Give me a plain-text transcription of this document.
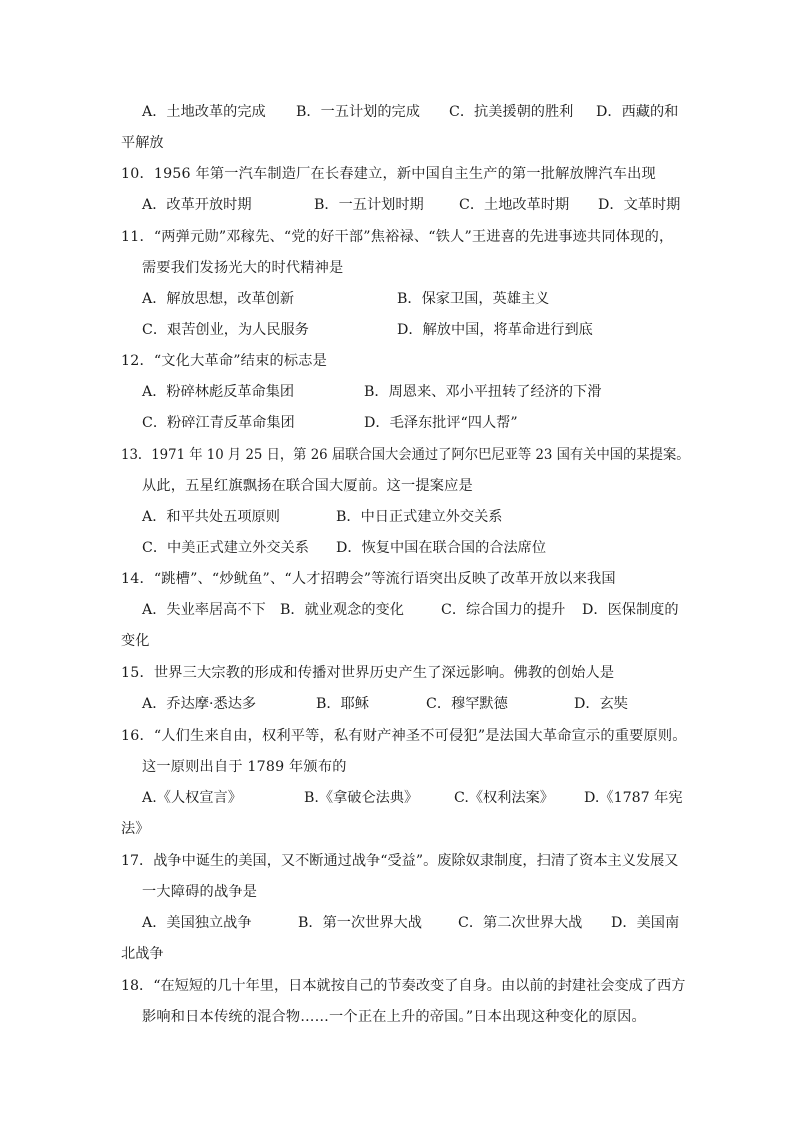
A．土地改革的完成 B．一五计划的完成 C．抗美援朝的胜利 D．西藏的和
平解放
10．1956 年第一汽车制造厂在长春建立，新中国自主生产的第一批解放牌汽车出现
A．改革开放时期	B．一五计划时期 C．土地改革时期 D．文革时期
11．“两弹元勋”邓稼先、“党的好干部”焦裕禄、“铁人”王进喜的先进事迹共同体现的，
需要我们发扬光大的时代精神是
A．解放思想，改革创新	B．保家卫国，英雄主义
C．艰苦创业，为人民服务	D．解放中国，将革命进行到底
12．“文化大革命”结束的标志是
A．粉碎林彪反革命集团	B．周恩来、邓小平扭转了经济的下滑
C．粉碎江青反革命集团	D．毛泽东批评“四人帮”
13．1971 年 10 月 25 日，第 26 届联合国大会通过了阿尔巴尼亚等 23 国有关中国的某提案。
从此，五星红旗飘扬在联合国大厦前。这一提案应是
A．和平共处五项原则	B．中日正式建立外交关系
C．中美正式建立外交关系 D．恢复中国在联合国的合法席位
14．“跳槽”、“炒鱿鱼”、“人才招聘会”等流行语突出反映了改革开放以来我国
A．失业率居高不下 B．就业观念的变化	C．综合国力的提升 D．医保制度的
变化
15．世界三大宗教的形成和传播对世界历史产生了深远影响。佛教的创始人是
A．乔达摩·悉达多	B．耶稣	C．穆罕默德	D．玄奘
16．“人们生来自由，权利平等，私有财产神圣不可侵犯”是法国大革命宣示的重要原则。
这一原则出自于 1789 年颁布的
A.《人权宣言》	B.《拿破仑法典》	C.《权利法案》 D.《1787 年宪
法》
17．战争中诞生的美国，又不断通过战争“受益”。废除奴隶制度，扫清了资本主义发展又
一大障碍的战争是
A．美国独立战争	B．第一次世界大战	C．第二次世界大战 D．美国南
北战争
18．“在短短的几十年里，日本就按自己的节奏改变了自身。由以前的封建社会变成了西方
影响和日本传统的混合物……一个正在上升的帝国。”日本出现这种变化的原因。
